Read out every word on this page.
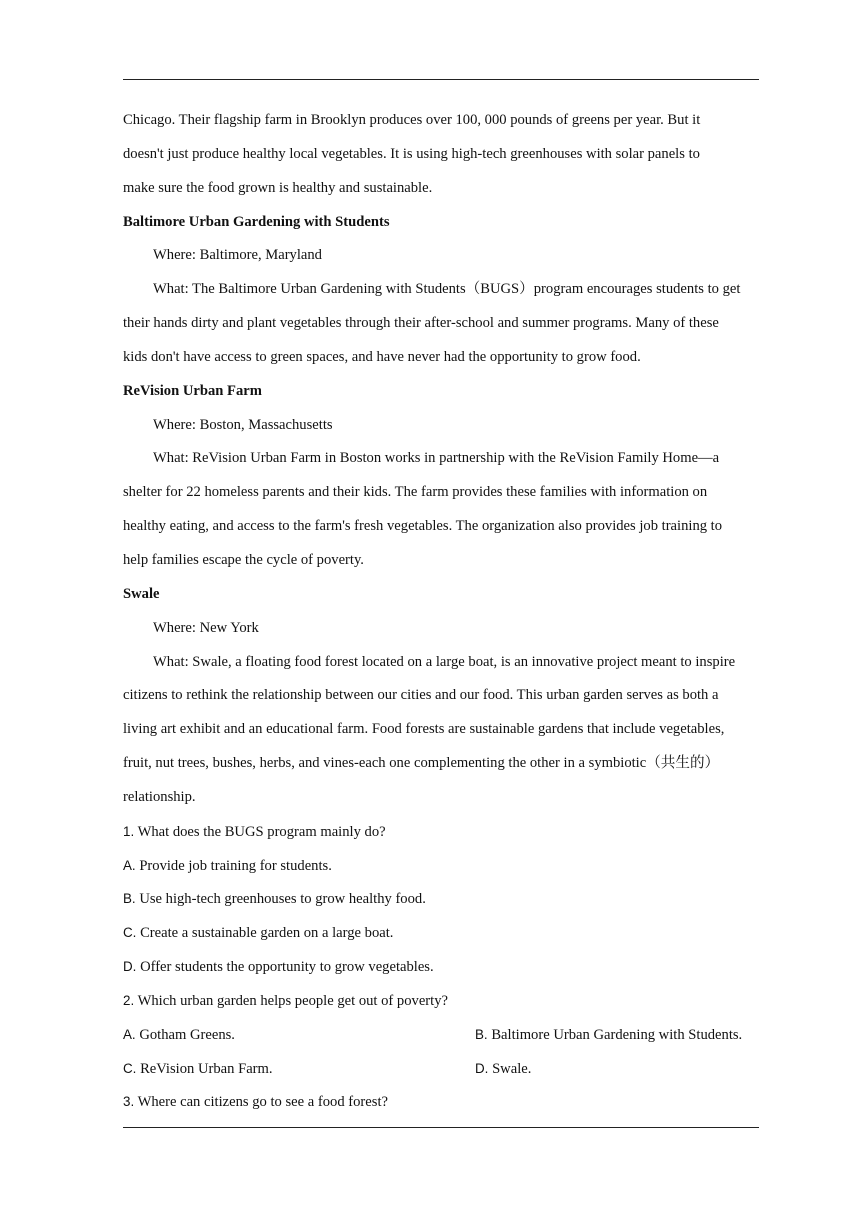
Chicago. Their flagship farm in Brooklyn produces over 100, 000 pounds of greens per year. But it
doesn't just produce healthy local vegetables. It is using high-tech greenhouses with solar panels to
make sure the food grown is healthy and sustainable.
Baltimore Urban Gardening with Students
Where: Baltimore, Maryland
What: The Baltimore Urban Gardening with Students（BUGS）program encourages students to get
their hands dirty and plant vegetables through their after-school and summer programs. Many of these
kids don't have access to green spaces, and have never had the opportunity to grow food.
ReVision Urban Farm
Where: Boston, Massachusetts
What: ReVision Urban Farm in Boston works in partnership with the ReVision Family Home—a
shelter for 22 homeless parents and their kids. The farm provides these families with information on
healthy eating, and access to the farm's fresh vegetables. The organization also provides job training to
help families escape the cycle of poverty.
Swale
Where: New York
What: Swale, a floating food forest located on a large boat, is an innovative project meant to inspire
citizens to rethink the relationship between our cities and our food. This urban garden serves as both a
living art exhibit and an educational farm. Food forests are sustainable gardens that include vegetables,
fruit, nut trees, bushes, herbs, and vines-each one complementing the other in a symbiotic（共生的）
relationship.
1. What does the BUGS program mainly do?
A. Provide job training for students.
B. Use high-tech greenhouses to grow healthy food.
C. Create a sustainable garden on a large boat.
D. Offer students the opportunity to grow vegetables.
2. Which urban garden helps people get out of poverty?
A. Gotham Greens.	B. Baltimore Urban Gardening with Students.
C. ReVision Urban Farm.	D. Swale.
3. Where can citizens go to see a food forest?
